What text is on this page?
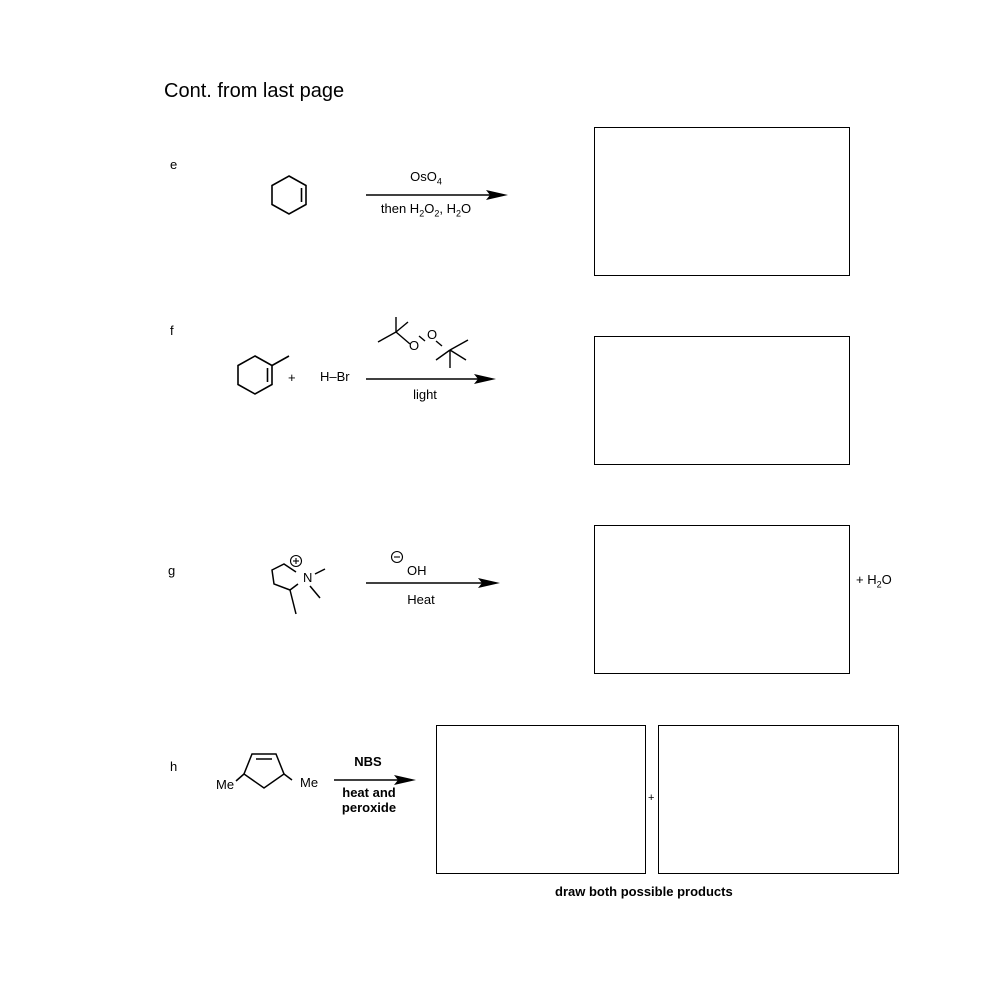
Cont. from last page
e
OsO$_4$
then $H_2O_2$, $H_2O$
f
+ H–Br
O
O
light
g	N	OH
Heat
+ $H_2O$
h
Me	Me
NBS
heat and
peroxide
+
draw both possible products
